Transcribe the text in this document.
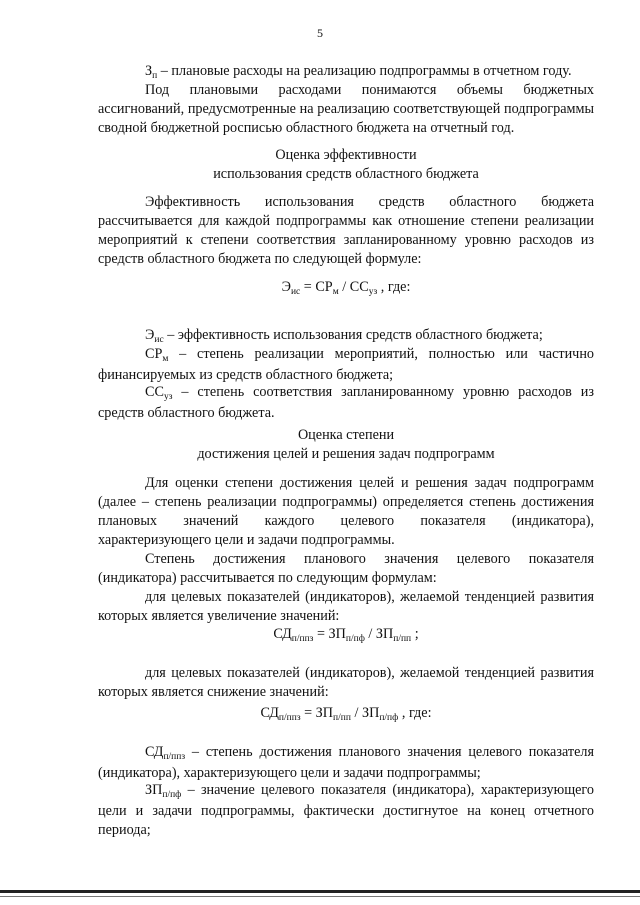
5
$З_п$ – плановые расходы на реализацию подпрограммы в отчетном году.
Под плановыми расходами понимаются объемы бюджетных ассигнований, предусмотренные на реализацию соответствующей подпрограммы сводной бюджетной росписью областного бюджета на отчетный год.
Оценка эффективности
использования средств областного бюджета
Эффективность использования средств областного бюджета рассчитывается для каждой подпрограммы как отношение степени реализации мероприятий к степени соответствия запланированному уровню расходов из средств областного бюджета по следующей формуле:
$Э_{ис} = СР_м / СС_{уз}$ , где:
$Э_{ис}$ – эффективность использования средств областного бюджета;
$СР_м$ – степень реализации мероприятий, полностью или частично финансируемых из средств областного бюджета;
$СС_{уз}$ – степень соответствия запланированному уровню расходов из средств областного бюджета.
Оценка степени
достижения целей и решения задач подпрограмм
Для оценки степени достижения целей и решения задач подпрограмм (далее – степень реализации подпрограммы) определяется степень достижения плановых значений каждого целевого показателя (индикатора), характеризующего цели и задачи подпрограммы.
Степень достижения планового значения целевого показателя (индикатора) рассчитывается по следующим формулам:
для целевых показателей (индикаторов), желаемой тенденцией развития которых является увеличение значений:
$СД_{п/ппз} = ЗП_{п/пф} / ЗП_{п/пп}$ ;
для целевых показателей (индикаторов), желаемой тенденцией развития которых является снижение значений:
$СД_{п/ппз} = ЗП_{п/пп} / ЗП_{п/пф}$ , где:
$СД_{п/ппз}$ – степень достижения планового значения целевого показателя (индикатора), характеризующего цели и задачи подпрограммы;
$ЗП_{п/пф}$ – значение целевого показателя (индикатора), характеризующего цели и задачи подпрограммы, фактически достигнутое на конец отчетного периода;
